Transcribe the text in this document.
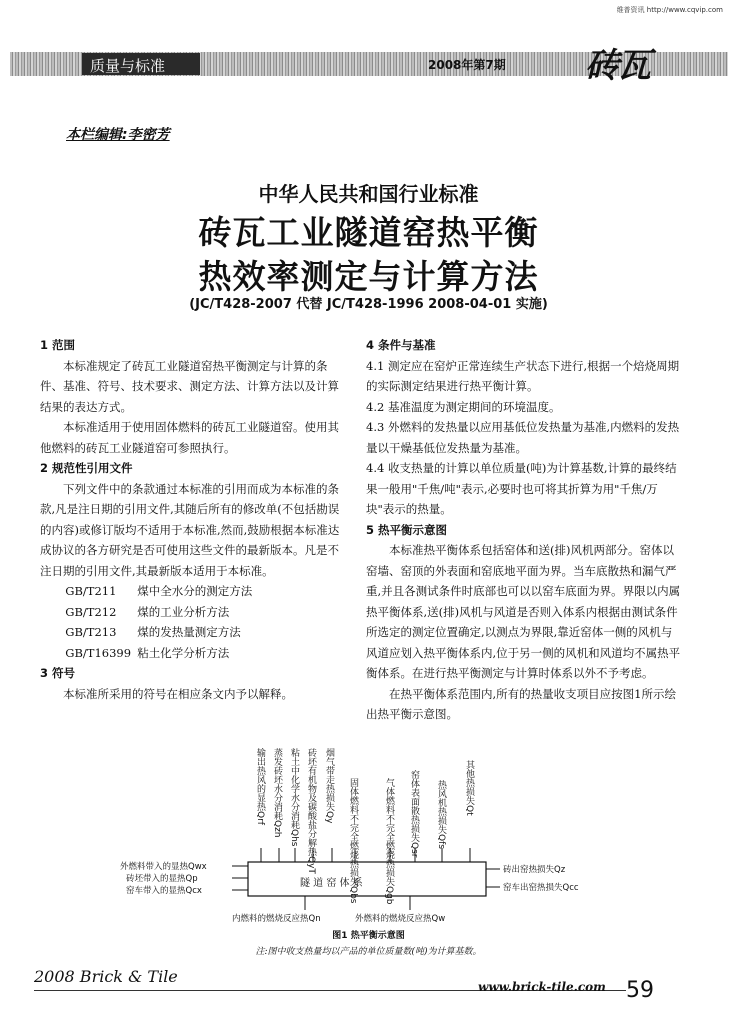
维普资讯 http://www.cqvip.com
质量与标准	2008年第7期 砖瓦
本栏编辑:李密芳
中华人民共和国行业标准
砖瓦工业隧道窑热平衡
热效率测定与计算方法
(JC/T428-2007 代替 JC/T428-1996 2008-04-01 实施)

1 范围

本标准规定了砖瓦工业隧道窑热平衡测定与计算的条件、基准、符号、技术要求、测定方法、计算方法以及计算结果的表达方式。

本标准适用于使用固体燃料的砖瓦工业隧道窑。使用其他燃料的砖瓦工业隧道窑可参照执行。

2 规范性引用文件

下列文件中的条款通过本标准的引用而成为本标准的条款,凡是注日期的引用文件,其随后所有的修改单(不包括勘误的内容)或修订版均不适用于本标准,然而,鼓励根据本标准达成协议的各方研究是否可使用这些文件的最新版本。凡是不注日期的引用文件,其最新版本适用于本标准。

GB/T211	煤中全水分的测定方法
GB/T212	煤的工业分析方法
GB/T213	煤的发热量测定方法
GB/T16399 粘土化学分析方法

3 符号

本标准所采用的符号在相应条文内予以解释。

4 条件与基准

4.1 测定应在窑炉正常连续生产状态下进行,根据一个焙烧周期的实际测定结果进行热平衡计算。

4.2 基准温度为测定期间的环境温度。

4.3 外燃料的发热量以应用基低位发热量为基准,内燃料的发热量以干燥基低位发热量为基准。

4.4 收支热量的计算以单位质量(吨)为计算基数,计算的最终结果一般用"千焦/吨"表示,必要时也可将其折算为用"千焦/万块"表示的热量。

5 热平衡示意图

本标准热平衡体系包括窑体和送(排)风机两部分。窑体以窑墙、窑顶的外表面和窑底地平面为界。当车底散热和漏气严重,并且各测试条件时底部也可以以窑车底面为界。界限以内属热平衡体系,送(排)风机与风道是否则入体系内根据由测试条件所选定的测定位置确定,以测点为界限,靠近窑体一侧的风机与风道应划入热平衡体系内,位于另一侧的风机和风道均不属热平衡体系。在进行热平衡测定与计算时体系以外不予考虑。

在热平衡体系范围内,所有的热量收支项目应按图1所示绘出热平衡示意图。

输出热风的显热Qrf 蒸发砖坯水分消耗Qzh 粘土中化学水分消耗Qhs 砖坯有机物及碳酸盐分解热QyT 烟气带走热损失Qy 固体燃料不完全燃烧热损失Qbs	气体燃料不完全燃烧热损失Qgb 窑体表面散热损失Qsr 热风机热损失Qfs 其他热损失Qt
外燃料带入的显热Qwx
砖坯带入的显热Qp
窑车带入的显热Qcx
隧 道 窑 体 系
砖出窑热损失Qz
窑车出窑热损失Qcc
内燃料的燃烧反应热Qn	外燃料的燃烧反应热Qw
图1 热平衡示意图
注:图中收支热量均以产品的单位质量数(吨)为计算基数。
2008 Brick & Tile
www.brick-tile.com 59
